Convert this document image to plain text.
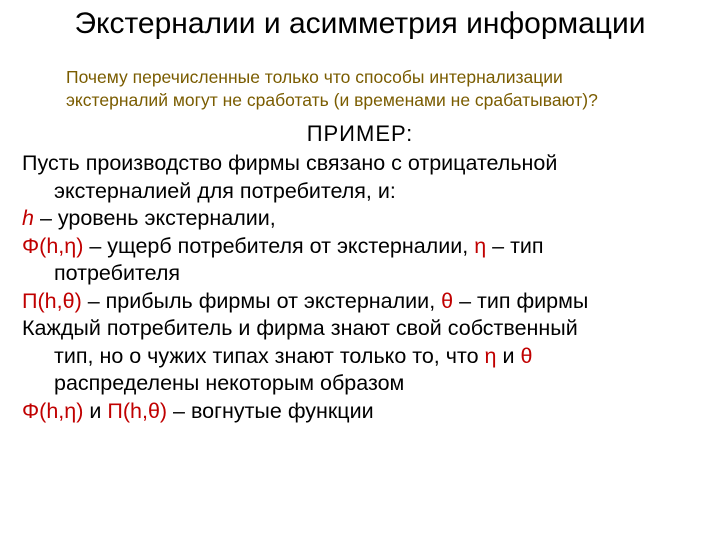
Экстерналии и асимметрия информации
Почему перечисленные только что способы интернализации
экстерналий могут не сработать (и временами не срабатывают)?
ПРИМЕР:
Пусть производство фирмы связано с отрицательной
экстерналией для потребителя, и:
h – уровень экстерналии,
Φ(h,η) – ущерб потребителя от экстерналии, η – тип
потребителя
Π(h,θ) – прибыль фирмы от экстерналии, θ – тип фирмы
Каждый потребитель и фирма знают свой собственный
тип, но о чужих типах знают только то, что η и θ
распределены некоторым образом
Φ(h,η) и Π(h,θ) – вогнутые функции
